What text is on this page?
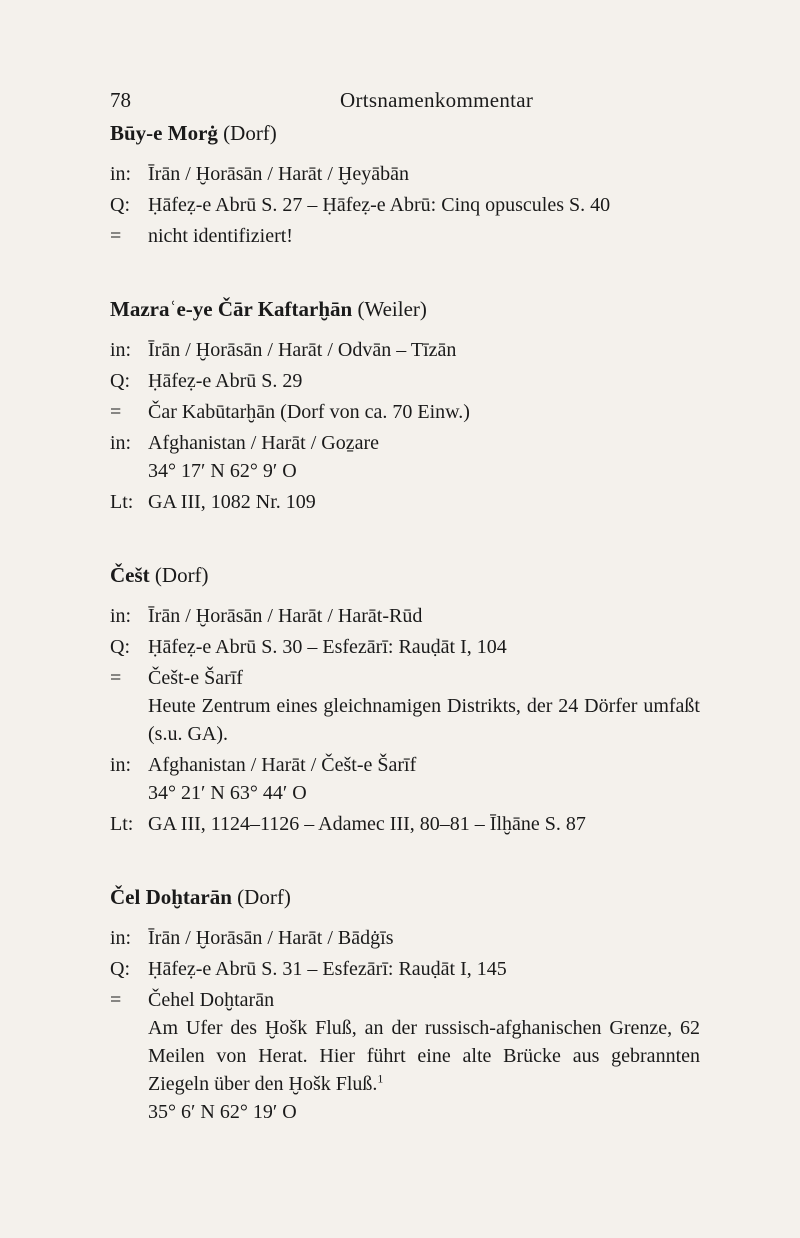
78	Ortsnamenkommentar
Būy-e Morġ (Dorf)
in: Īrān / Ḫorāsān / Harāt / Ḫeyābān
Q: Ḥāfeẓ-e Abrū S. 27 – Ḥāfeẓ-e Abrū: Cinq opuscules S. 40
=	nicht identifiziert!
Mazraʿe-ye Čār Kaftarḫān (Weiler)
in: Īrān / Ḫorāsān / Harāt / Odvān – Tīzān
Q: Ḥāfeẓ-e Abrū S. 29
=	Čar Kabūtarḫān (Dorf von ca. 70 Einw.)
in: Afghanistan / Harāt / Goẕare
34° 17′ N 62° 9′ O
Lt: GA III, 1082 Nr. 109
Češt (Dorf)
in: Īrān / Ḫorāsān / Harāt / Harāt-Rūd
Q: Ḥāfeẓ-e Abrū S. 30 – Esfezārī: Rauḍāt I, 104
=	Češt-e Šarīf
Heute Zentrum eines gleichnamigen Distrikts, der 24 Dörfer umfaßt (s.u. GA).
in: Afghanistan / Harāt / Češt-e Šarīf
34° 21′ N 63° 44′ O
Lt: GA III, 1124–1126 – Adamec III, 80–81 – Īlḫāne S. 87
Čel Doḫtarān (Dorf)
in: Īrān / Ḫorāsān / Harāt / Bādġīs
Q: Ḥāfeẓ-e Abrū S. 31 – Esfezārī: Rauḍāt I, 145
=	Čehel Doḫtarān
Am Ufer des Ḫošk Fluß, an der russisch-afghanischen Grenze, 62 Meilen von Herat. Hier führt eine alte Brücke aus gebrannten Ziegeln über den Ḫošk Fluß.$^1$
35° 6′ N 62° 19′ O
